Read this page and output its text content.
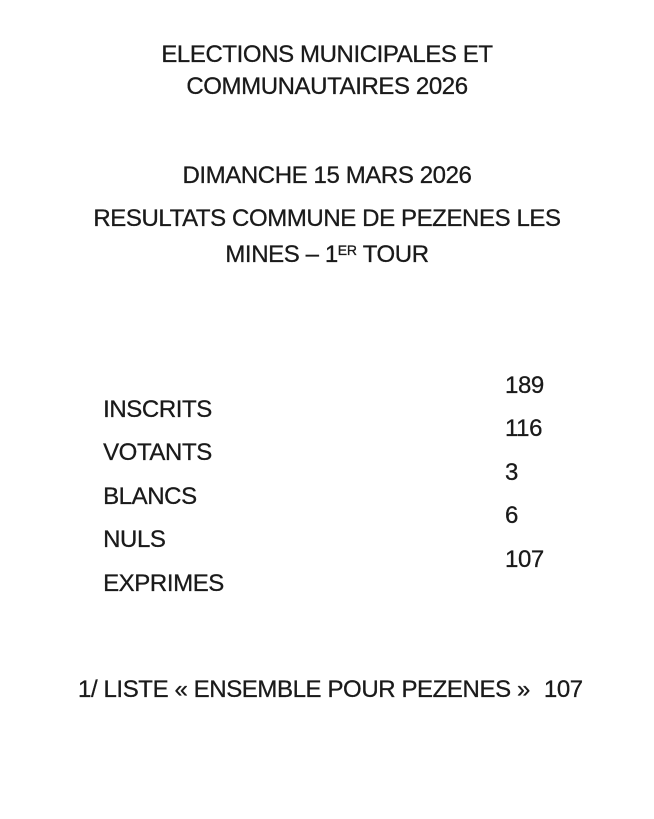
ELECTIONS MUNICIPALES ET
COMMUNAUTAIRES 2026
DIMANCHE 15 MARS 2026
RESULTATS COMMUNE DE PEZENES LES
MINES – 1ER TOUR

INSCRITS

189

VOTANTS

116

BLANCS

3

NULS

6

EXPRIMES

107

1/ LISTE « ENSEMBLE POUR PEZENES » 107
